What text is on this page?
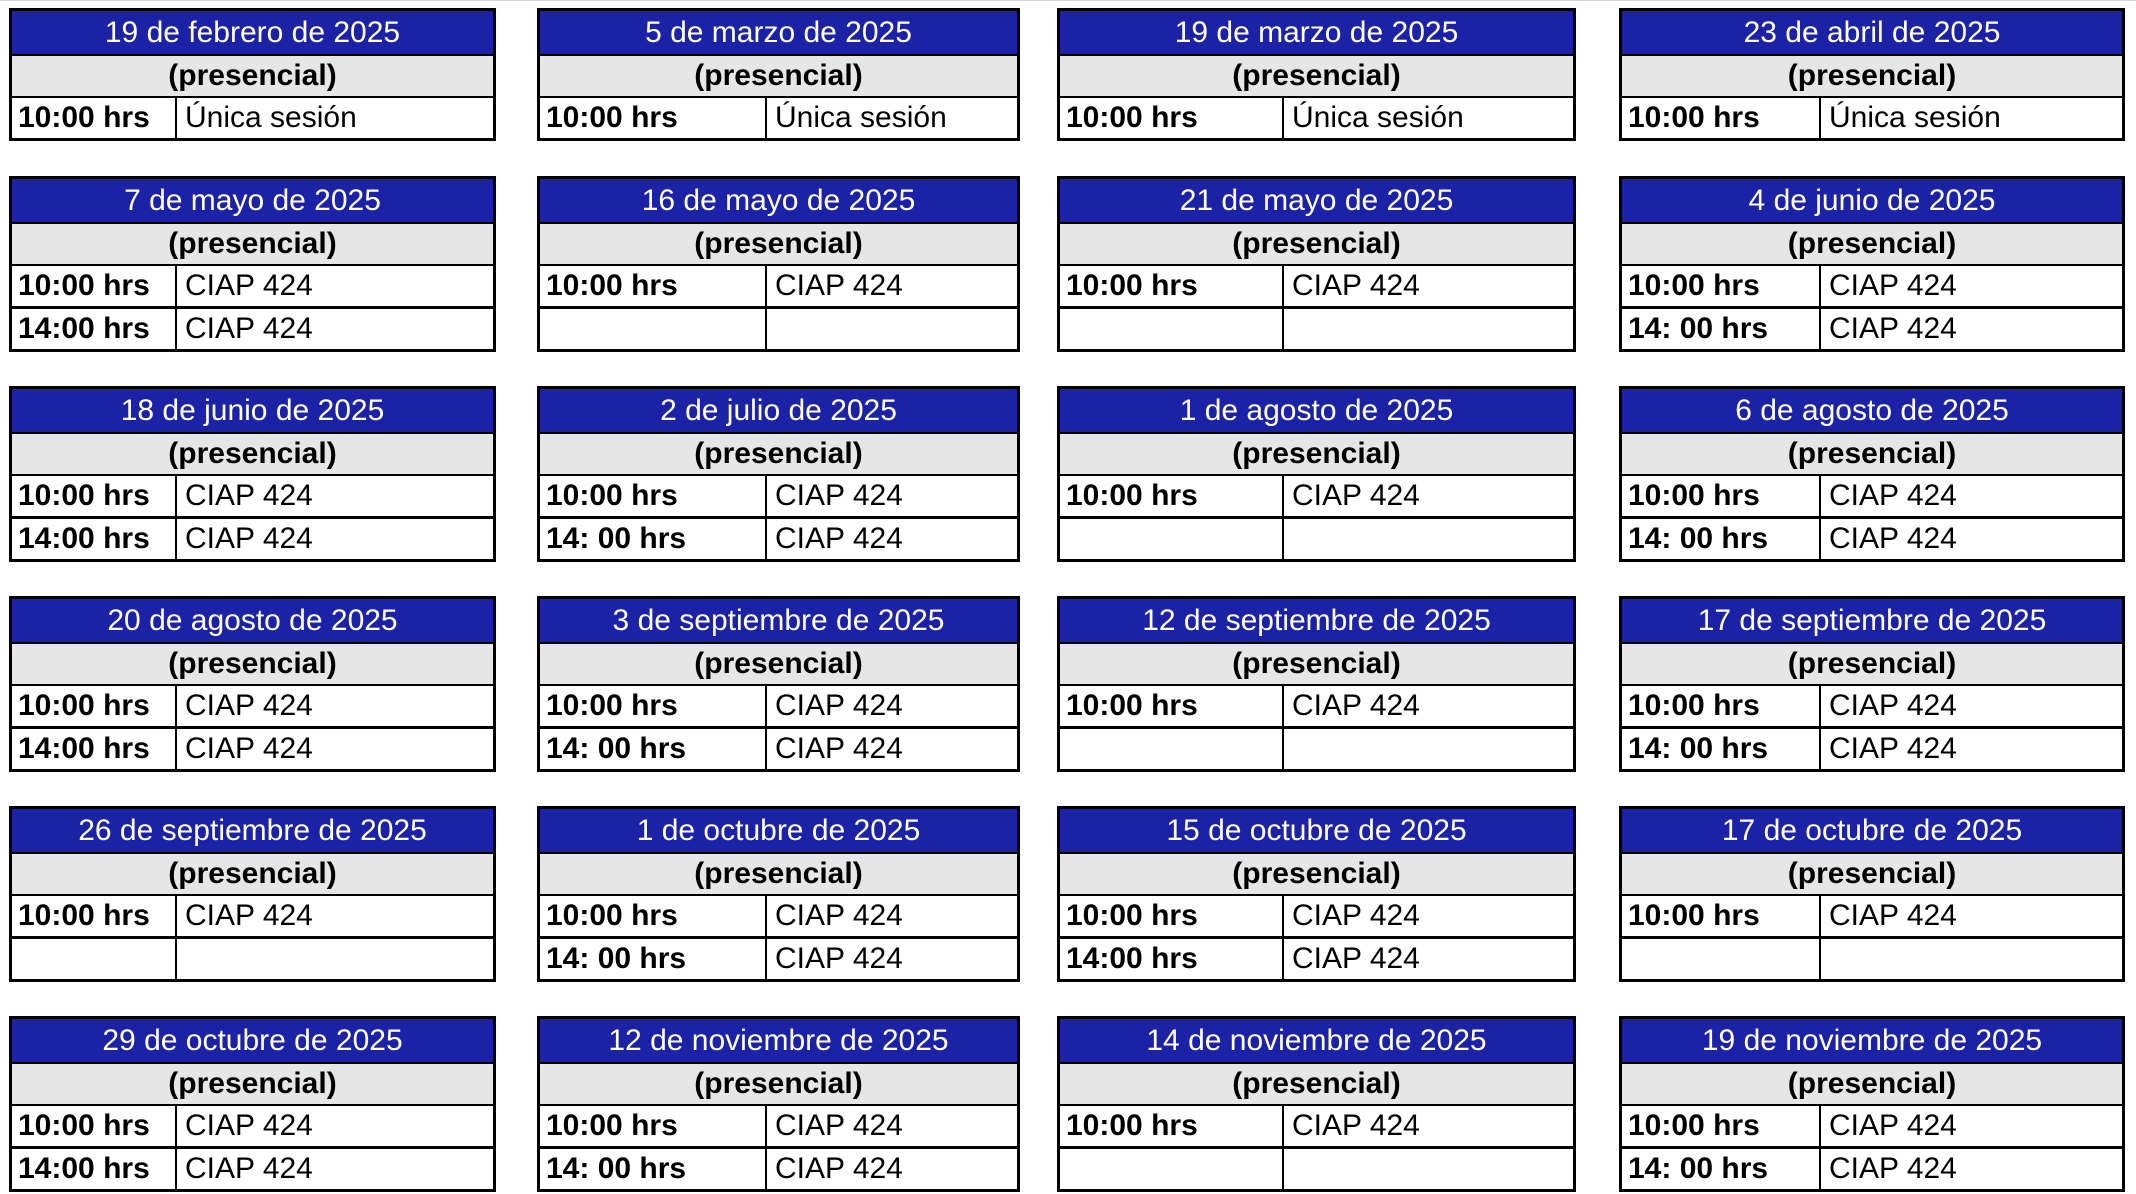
19 de febrero de 2025
(presencial)
10:00 hrs	Única sesión
5 de marzo de 2025
(presencial)
10:00 hrs	Única sesión
19 de marzo de 2025
(presencial)
10:00 hrs	Única sesión
23 de abril de 2025
(presencial)
10:00 hrs	Única sesión
7 de mayo de 2025
(presencial)
10:00 hrs	CIAP 424
14:00 hrs	CIAP 424
16 de mayo de 2025
(presencial)
10:00 hrs	CIAP 424
21 de mayo de 2025
(presencial)
10:00 hrs	CIAP 424
4 de junio de 2025
(presencial)
10:00 hrs	CIAP 424
14: 00 hrs	CIAP 424
18 de junio de 2025
(presencial)
10:00 hrs	CIAP 424
14:00 hrs	CIAP 424
2 de julio de 2025
(presencial)
10:00 hrs	CIAP 424
14: 00 hrs	CIAP 424
1 de agosto de 2025
(presencial)
10:00 hrs	CIAP 424
6 de agosto de 2025
(presencial)
10:00 hrs	CIAP 424
14: 00 hrs	CIAP 424
20 de agosto de 2025
(presencial)
10:00 hrs	CIAP 424
14:00 hrs	CIAP 424
3 de septiembre de 2025
(presencial)
10:00 hrs	CIAP 424
14: 00 hrs	CIAP 424
12 de septiembre de 2025
(presencial)
10:00 hrs	CIAP 424
17 de septiembre de 2025
(presencial)
10:00 hrs	CIAP 424
14: 00 hrs	CIAP 424
26 de septiembre de 2025
(presencial)
10:00 hrs	CIAP 424
1 de octubre de 2025
(presencial)
10:00 hrs	CIAP 424
14: 00 hrs	CIAP 424
15 de octubre de 2025
(presencial)
10:00 hrs	CIAP 424
14:00 hrs	CIAP 424
17 de octubre de 2025
(presencial)
10:00 hrs	CIAP 424
29 de octubre de 2025
(presencial)
10:00 hrs	CIAP 424
14:00 hrs	CIAP 424
12 de noviembre de 2025
(presencial)
10:00 hrs	CIAP 424
14: 00 hrs	CIAP 424
14 de noviembre de 2025
(presencial)
10:00 hrs	CIAP 424
19 de noviembre de 2025
(presencial)
10:00 hrs	CIAP 424
14: 00 hrs	CIAP 424
